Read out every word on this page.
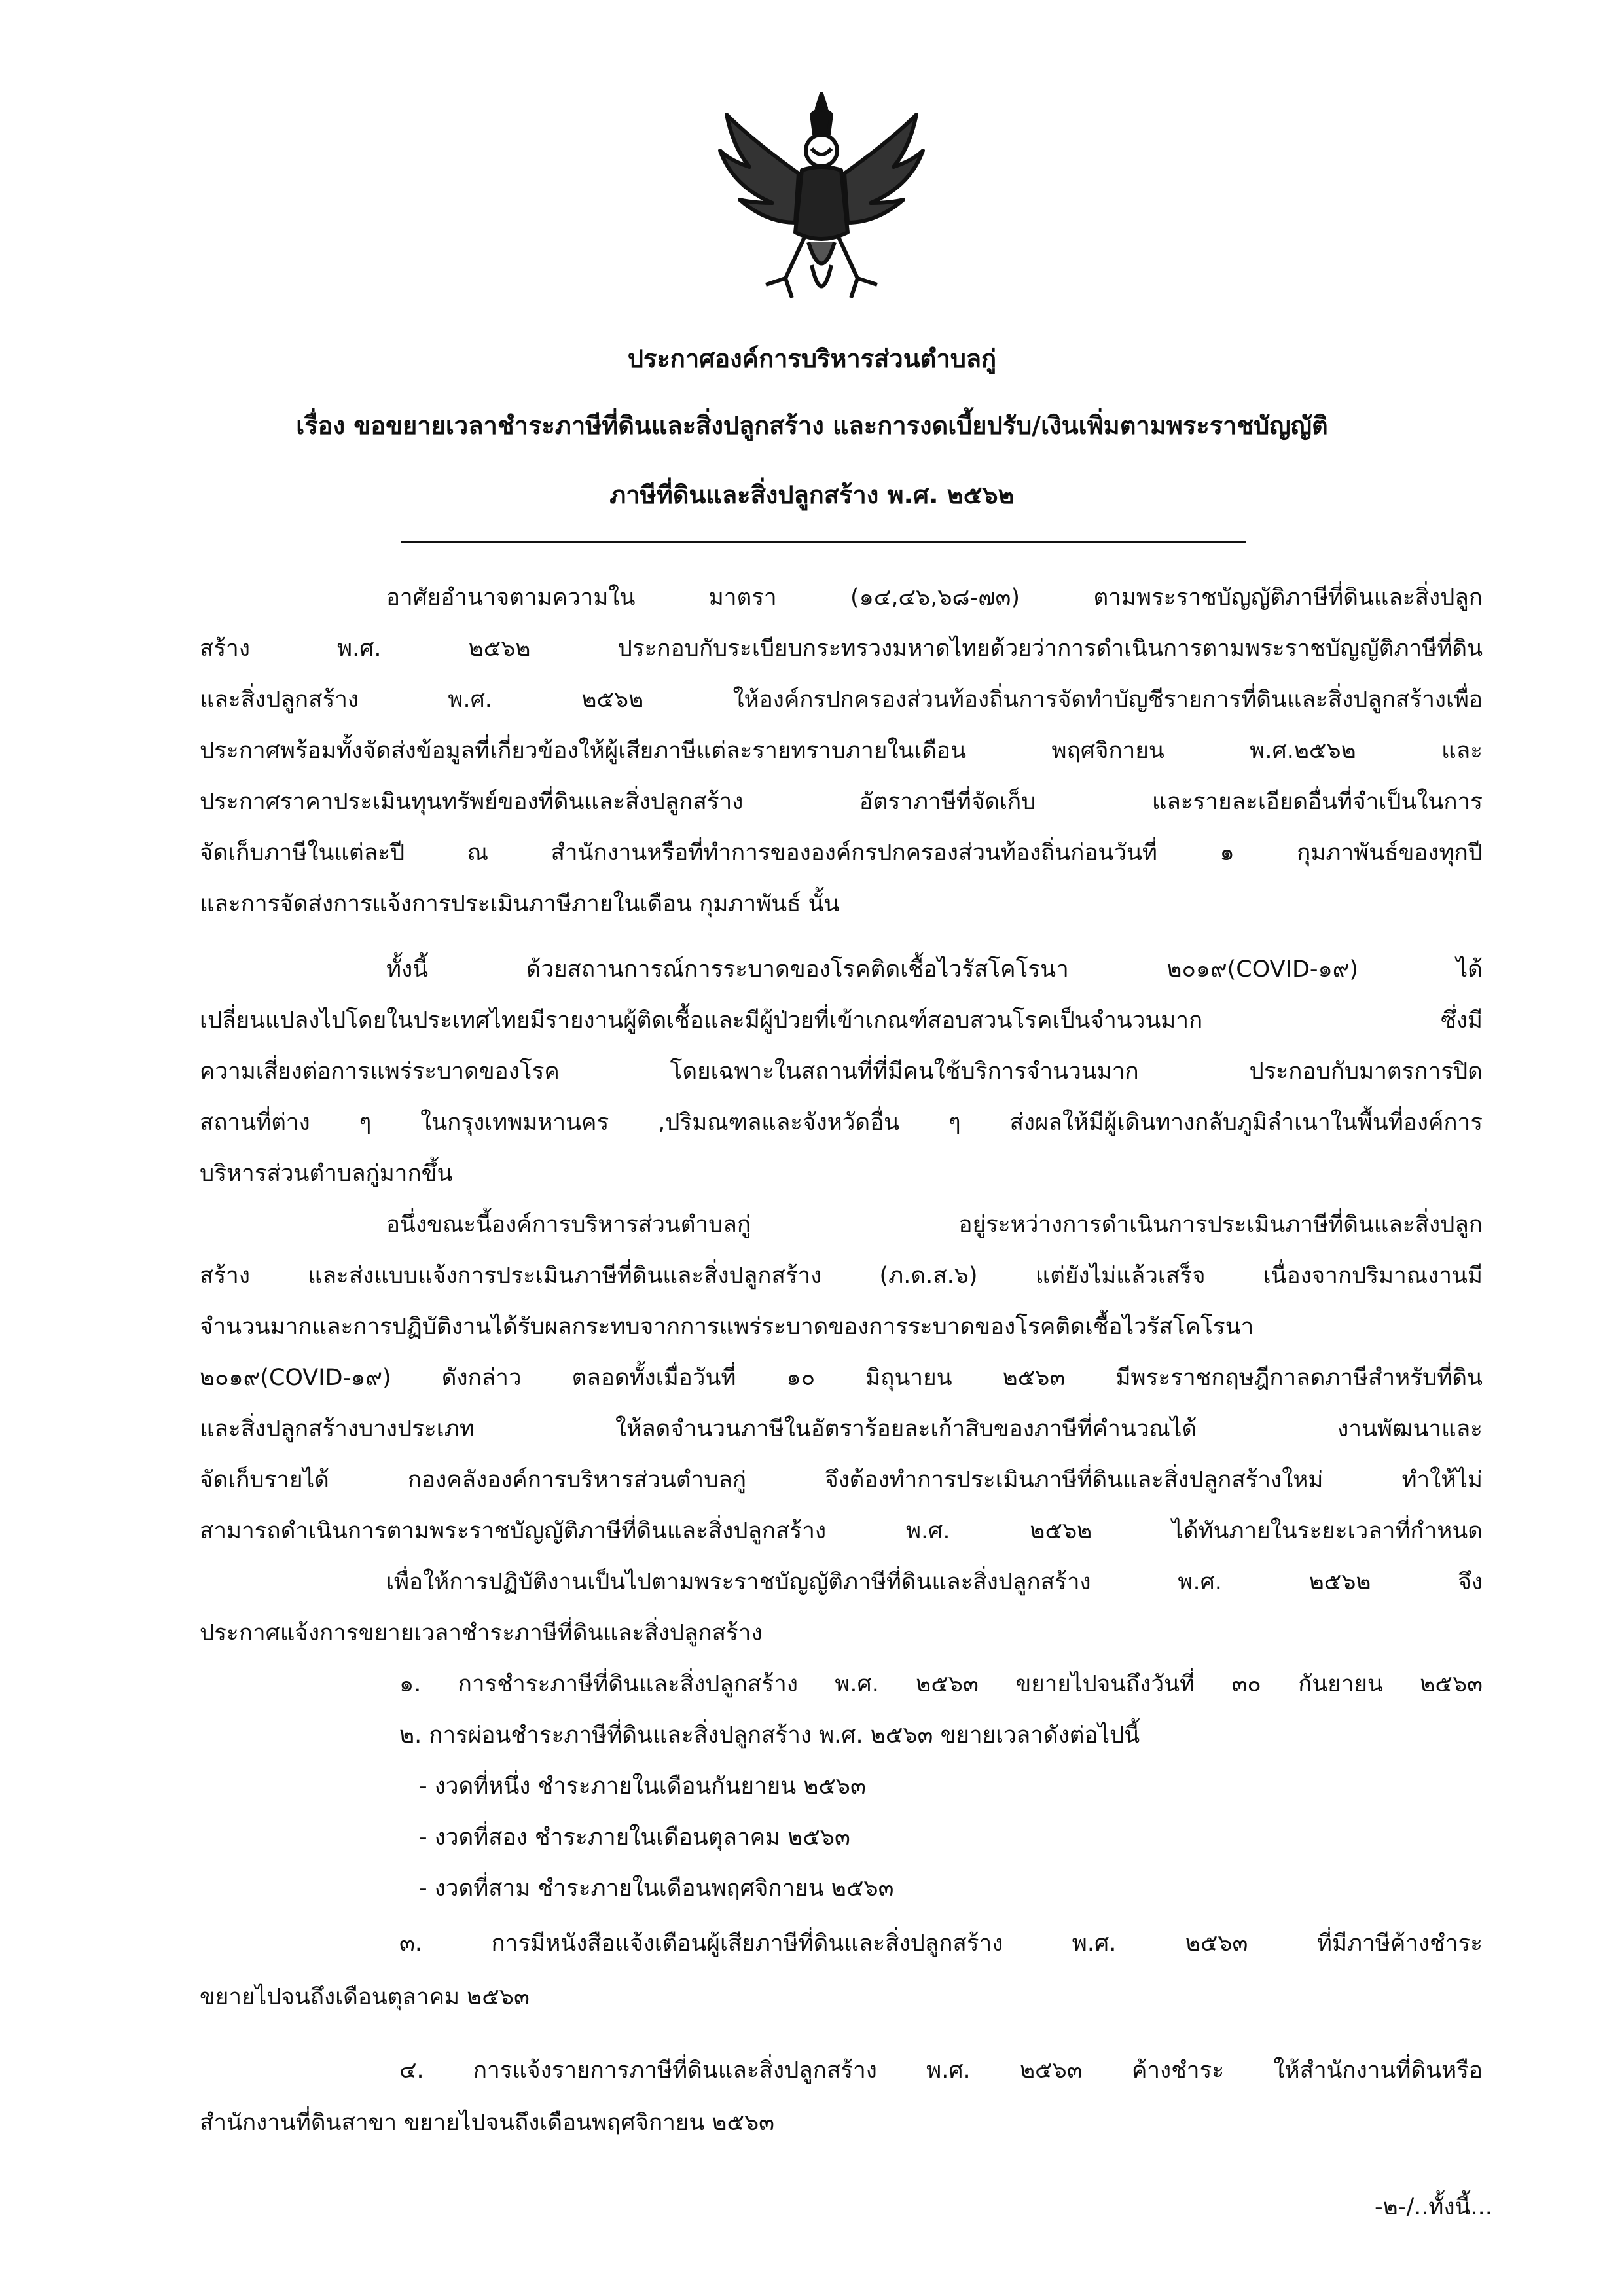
ประกาศองค์การบริหารส่วนตำบลกู่
เรื่อง ขอขยายเวลาชำระภาษีที่ดินและสิ่งปลูกสร้าง และการงดเบี้ยปรับ/เงินเพิ่มตามพระราชบัญญัติ
ภาษีที่ดินและสิ่งปลูกสร้าง พ.ศ. ๒๕๖๒
อาศัยอำนาจตามความใน มาตรา (๑๔,๔๖,๖๘-๗๓) ตามพระราชบัญญัติภาษีที่ดินและสิ่งปลูก
สร้าง พ.ศ. ๒๕๖๒ ประกอบกับระเบียบกระทรวงมหาดไทยด้วยว่าการดำเนินการตามพระราชบัญญัติภาษีที่ดิน
และสิ่งปลูกสร้าง พ.ศ. ๒๕๖๒ ให้องค์กรปกครองส่วนท้องถิ่นการจัดทำบัญชีรายการที่ดินและสิ่งปลูกสร้างเพื่อ
ประกาศพร้อมทั้งจัดส่งข้อมูลที่เกี่ยวข้องให้ผู้เสียภาษีแต่ละรายทราบภายในเดือน พฤศจิกายน พ.ศ.๒๕๖๒ และ
ประกาศราคาประเมินทุนทรัพย์ของที่ดินและสิ่งปลูกสร้าง อัตราภาษีที่จัดเก็บ และรายละเอียดอื่นที่จำเป็นในการ
จัดเก็บภาษีในแต่ละปี ณ สำนักงานหรือที่ทำการขององค์กรปกครองส่วนท้องถิ่นก่อนวันที่ ๑ กุมภาพันธ์ของทุกปี
และการจัดส่งการแจ้งการประเมินภาษีภายในเดือน กุมภาพันธ์ นั้น
ทั้งนี้ ด้วยสถานการณ์การระบาดของโรคติดเชื้อไวรัสโคโรนา ๒๐๑๙(COVID-๑๙) ได้
เปลี่ยนแปลงไปโดยในประเทศไทยมีรายงานผู้ติดเชื้อและมีผู้ป่วยที่เข้าเกณฑ์สอบสวนโรคเป็นจำนวนมาก ซึ่งมี
ความเสี่ยงต่อการแพร่ระบาดของโรค โดยเฉพาะในสถานที่ที่มีคนใช้บริการจำนวนมาก ประกอบกับมาตรการปิด
สถานที่ต่าง ๆ ในกรุงเทพมหานคร ,ปริมณฑลและจังหวัดอื่น ๆ ส่งผลให้มีผู้เดินทางกลับภูมิลำเนาในพื้นที่องค์การ
บริหารส่วนตำบลกู่มากขึ้น
อนึ่งขณะนี้องค์การบริหารส่วนตำบลกู่ อยู่ระหว่างการดำเนินการประเมินภาษีที่ดินและสิ่งปลูก
สร้าง และส่งแบบแจ้งการประเมินภาษีที่ดินและสิ่งปลูกสร้าง (ภ.ด.ส.๖) แต่ยังไม่แล้วเสร็จ เนื่องจากปริมาณงานมี
จำนวนมากและการปฏิบัติงานได้รับผลกระทบจากการแพร่ระบาดของการระบาดของโรคติดเชื้อไวรัสโคโรนา
๒๐๑๙(COVID-๑๙) ดังกล่าว ตลอดทั้งเมื่อวันที่ ๑๐ มิถุนายน ๒๕๖๓ มีพระราชกฤษฎีกาลดภาษีสำหรับที่ดิน
และสิ่งปลูกสร้างบางประเภท ให้ลดจำนวนภาษีในอัตราร้อยละเก้าสิบของภาษีที่คำนวณได้ งานพัฒนาและ
จัดเก็บรายได้ กองคลังองค์การบริหารส่วนตำบลกู่ จึงต้องทำการประเมินภาษีที่ดินและสิ่งปลูกสร้างใหม่ ทำให้ไม่
สามารถดำเนินการตามพระราชบัญญัติภาษีที่ดินและสิ่งปลูกสร้าง พ.ศ. ๒๕๖๒ ได้ทันภายในระยะเวลาที่กำหนด
เพื่อให้การปฏิบัติงานเป็นไปตามพระราชบัญญัติภาษีที่ดินและสิ่งปลูกสร้าง พ.ศ. ๒๕๖๒ จึง
ประกาศแจ้งการขยายเวลาชำระภาษีที่ดินและสิ่งปลูกสร้าง
๑. การชำระภาษีที่ดินและสิ่งปลูกสร้าง พ.ศ. ๒๕๖๓ ขยายไปจนถึงวันที่ ๓๐ กันยายน ๒๕๖๓
๒. การผ่อนชำระภาษีที่ดินและสิ่งปลูกสร้าง พ.ศ. ๒๕๖๓ ขยายเวลาดังต่อไปนี้
- งวดที่หนึ่ง ชำระภายในเดือนกันยายน ๒๕๖๓
- งวดที่สอง ชำระภายในเดือนตุลาคม ๒๕๖๓
- งวดที่สาม ชำระภายในเดือนพฤศจิกายน ๒๕๖๓
๓. การมีหนังสือแจ้งเตือนผู้เสียภาษีที่ดินและสิ่งปลูกสร้าง พ.ศ. ๒๕๖๓ ที่มีภาษีค้างชำระ
ขยายไปจนถึงเดือนตุลาคม ๒๕๖๓
๔. การแจ้งรายการภาษีที่ดินและสิ่งปลูกสร้าง พ.ศ. ๒๕๖๓ ค้างชำระ ให้สำนักงานที่ดินหรือ
สำนักงานที่ดินสาขา ขยายไปจนถึงเดือนพฤศจิกายน ๒๕๖๓
-๒-/..ทั้งนี้...
